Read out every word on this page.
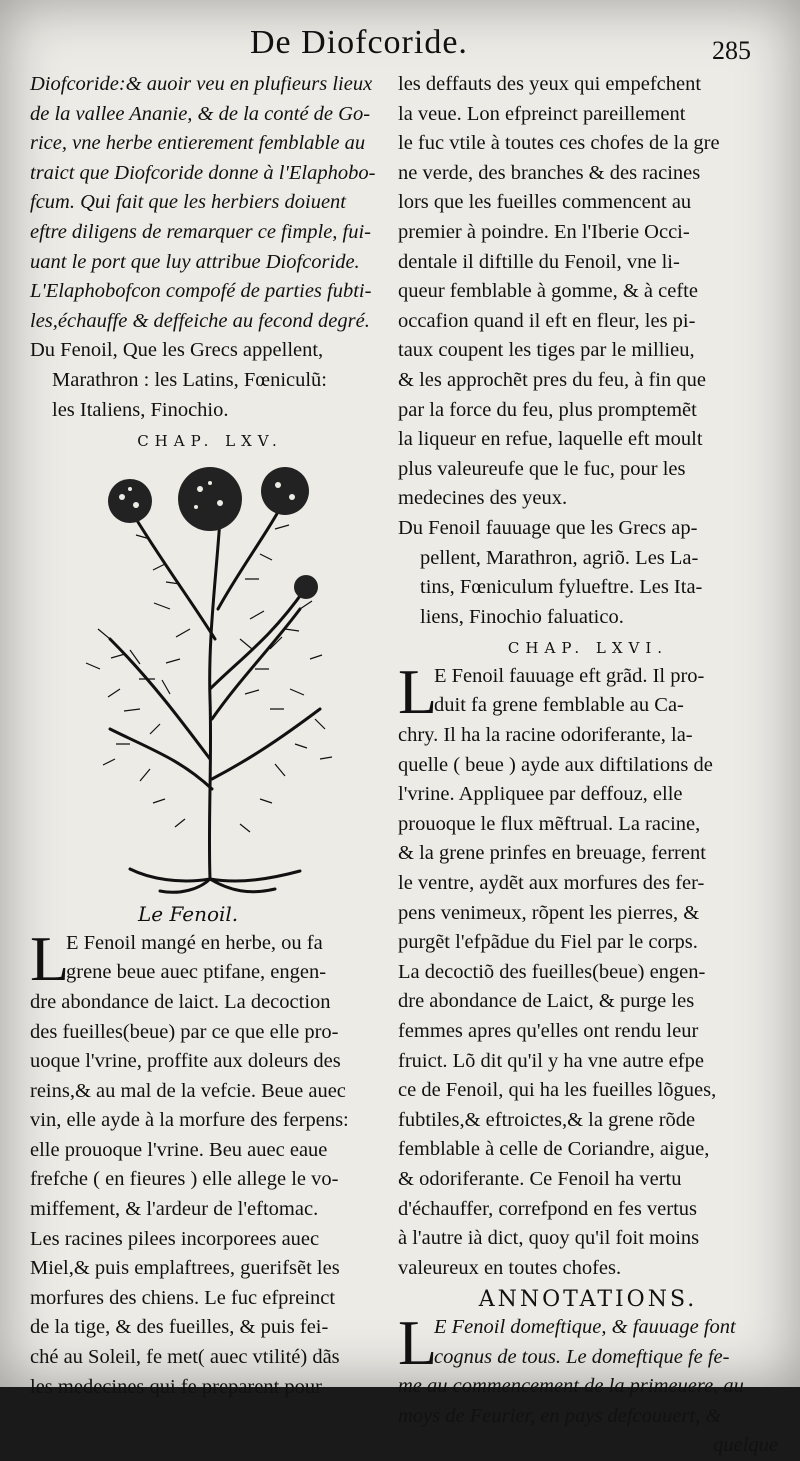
De Diofcoride.	285
Diofcoride:& auoir veu en plufieurs lieux
de la vallee Ananie, & de la conté de Go-
rice, vne herbe entierement femblable au
traict que Diofcoride donne à l'Elaphobo-
fcum. Qui fait que les herbiers doiuent
eftre diligens de remarquer ce fimple, fui-
uant le port que luy attribue Diofcoride.
L'Elaphobofcon compofé de parties fubti-
les,échauffe & deffeiche au fecond degré.
Du Fenoil, Que les Grecs appellent,
Marathron : les Latins, Fœniculũ:
les Italiens, Finochio.
CHAP. LXV.
Le Fenoil.
L
E Fenoil mangé en herbe, ou fa
grene beue auec ptifane, engen-
dre abondance de laict. La decoction
des fueilles(beue) par ce que elle pro-
uoque l'vrine, proffite aux doleurs des
reins,& au mal de la vefcie. Beue auec
vin, elle ayde à la morfure des ferpens:
elle prouoque l'vrine. Beu auec eaue
frefche ( en fieures ) elle allege le vo-
miffement, & l'ardeur de l'eftomac.
Les racines pilees incorporees auec
Miel,& puis emplaftrees, guerifsẽt les
morfures des chiens. Le fuc efpreinct
de la tige, & des fueilles, & puis fei-
ché au Soleil, fe met( auec vtilité) dãs
les medecines qui fe preparent pour
les deffauts des yeux qui empefchent
la veue. Lon efpreinct pareillement
le fuc vtile à toutes ces chofes de la gre
ne verde, des branches & des racines
lors que les fueilles commencent au
premier à poindre. En l'Iberie Occi-
dentale il diftille du Fenoil, vne li-
queur femblable à gomme, & à cefte
occafion quand il eft en fleur, les pi-
taux coupent les tiges par le millieu,
& les approchẽt pres du feu, à fin que
par la force du feu, plus promptemẽt
la liqueur en refue, laquelle eft moult
plus valeureufe que le fuc, pour les
medecines des yeux.
Du Fenoil fauuage que les Grecs ap-
pellent, Marathron, agriõ. Les La-
tins, Fœniculum fylueftre. Les Ita-
liens, Finochio faluatico.
CHAP. LXVI.
L
E Fenoil fauuage eft grãd. Il pro-
duit fa grene femblable au Ca-
chry. Il ha la racine odoriferante, la-
quelle ( beue ) ayde aux diftilations de
l'vrine. Appliquee par deffouz, elle
prouoque le flux mẽftrual. La racine,
& la grene prinfes en breuage, ferrent
le ventre, aydẽt aux morfures des fer-
pens venimeux, rõpent les pierres, &
purgẽt l'efpãdue du Fiel par le corps.
La decoctiõ des fueilles(beue) engen-
dre abondance de Laict, & purge les
femmes apres qu'elles ont rendu leur
fruict. Lõ dit qu'il y ha vne autre efpe
ce de Fenoil, qui ha les fueilles lõgues,
fubtiles,& eftroictes,& la grene rõde
femblable à celle de Coriandre, aigue,
& odoriferante. Ce Fenoil ha vertu
d'échauffer, correfpond en fes vertus
à l'autre ià dict, quoy qu'il foit moins
valeureux en toutes chofes.
ANNOTATIONS.
L
E Fenoil domeftique, & fauuage font
cognus de tous. Le domeftique fe fe-
me au commencement de la primeuere, au
moys de Feurier, en pays defcouuert, &
quelque
